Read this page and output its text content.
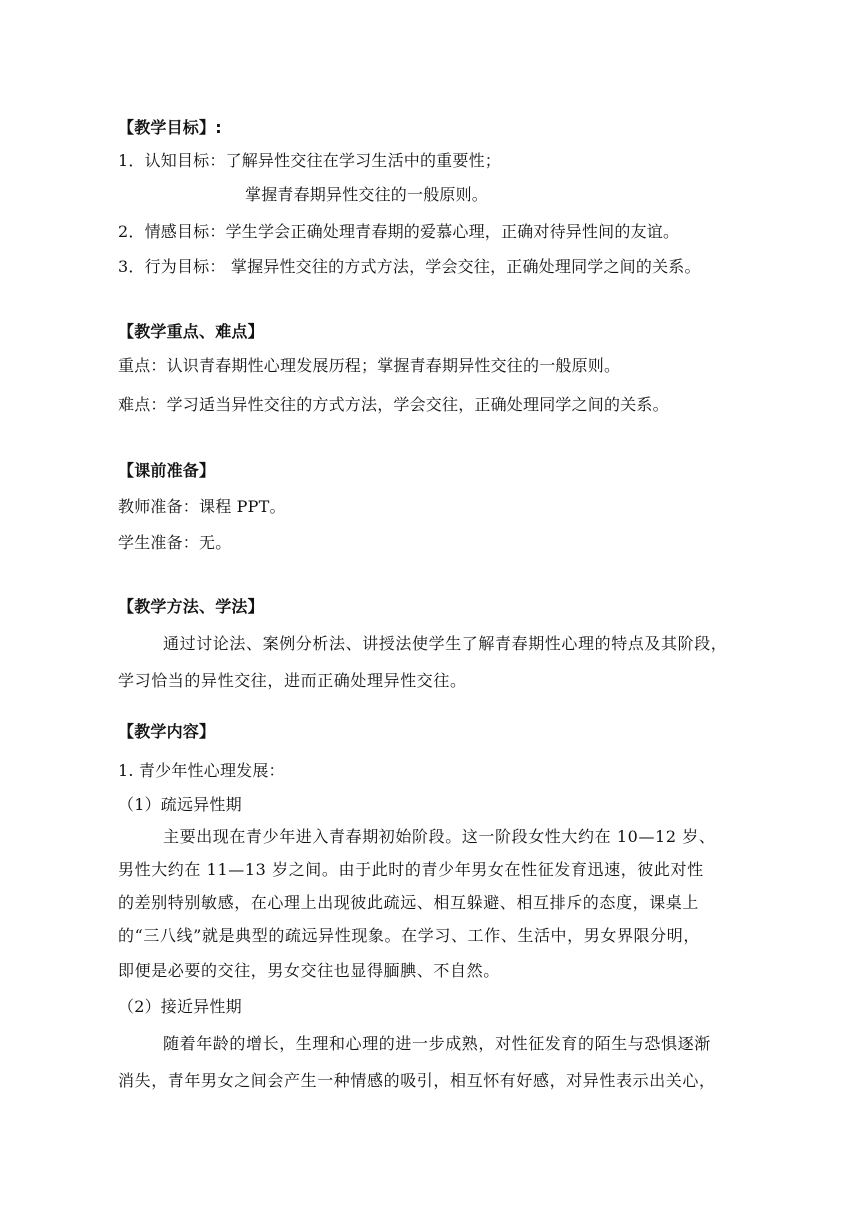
【教学目标】:
1．认知目标：了解异性交往在学习生活中的重要性；
掌握青春期异性交往的一般原则。
2．情感目标：学生学会正确处理青春期的爱慕心理，正确对待异性间的友谊。
3．行为目标： 掌握异性交往的方式方法，学会交往，正确处理同学之间的关系。
【教学重点、难点】
重点：认识青春期性心理发展历程；掌握青春期异性交往的一般原则。
难点：学习适当异性交往的方式方法，学会交往，正确处理同学之间的关系。
【课前准备】
教师准备：课程 PPT。
学生准备：无。
【教学方法、学法】
通过讨论法、案例分析法、讲授法使学生了解青春期性心理的特点及其阶段，
学习恰当的异性交往，进而正确处理异性交往。
【教学内容】
1. 青少年性心理发展：
（1）疏远异性期
主要出现在青少年进入青春期初始阶段。这一阶段女性大约在 10—12 岁、
男性大约在 11—13 岁之间。由于此时的青少年男女在性征发育迅速，彼此对性
的差别特别敏感，在心理上出现彼此疏远、相互躲避、相互排斥的态度，课桌上
的“三八线”就是典型的疏远异性现象。在学习、工作、生活中，男女界限分明，
即便是必要的交往，男女交往也显得腼腆、不自然。
（2）接近异性期
随着年龄的增长，生理和心理的进一步成熟，对性征发育的陌生与恐惧逐渐
消失，青年男女之间会产生一种情感的吸引，相互怀有好感，对异性表示出关心，
